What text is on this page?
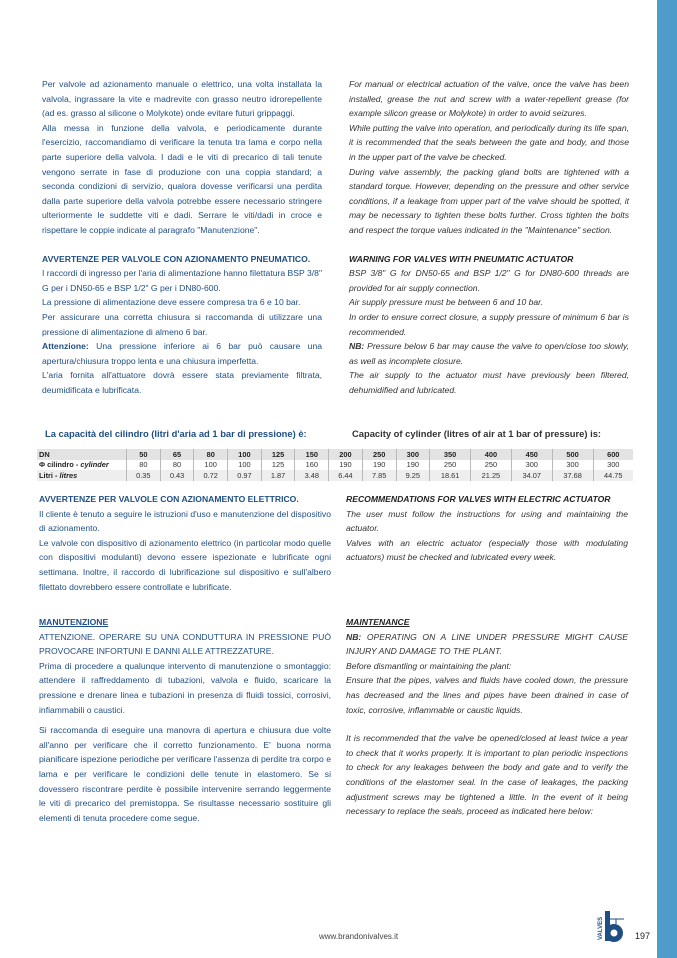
Per valvole ad azionamento manuale o elettrico, una volta installata la valvola, ingrassare la vite e madrevite con grasso neutro idrorepellente (ad es. grasso al silicone o Molykote) onde evitare futuri grippaggi.

Alla messa in funzione della valvola, e periodicamente durante l'esercizio, raccomandiamo di verificare la tenuta tra lama e corpo nella parte superiore della valvola. I dadi e le viti di precarico di tali tenute vengono serrate in fase di produzione con una coppia standard; a seconda condizioni di servizio, qualora dovesse verificarsi una perdita dalla parte superiore della valvola potrebbe essere necessario stringere ulteriormente le suddette viti e dadi. Serrare le viti/dadi in croce e rispettare le coppie indicate al paragrafo "Manutenzione".

AVVERTENZE PER VALVOLE CON AZIONAMENTO PNEUMATICO.

I raccordi di ingresso per l'aria di alimentazione hanno filettatura BSP 3/8" G per i DN50-65 e BSP 1/2" G per i DN80-600.

La pressione di alimentazione deve essere compresa tra 6 e 10 bar.

Per assicurare una corretta chiusura si raccomanda di utilizzare una pressione di alimentazione di almeno 6 bar.

Attenzione: Una pressione inferiore ai 6 bar può causare una apertura/chiusura troppo lenta e una chiusura imperfetta.

L'aria fornita all'attuatore dovrà essere stata previamente filtrata, deumidificata e lubrificata.

For manual or electrical actuation of the valve, once the valve has been installed, grease the nut and screw with a water-repellent grease (for example silicon grease or Molykote) in order to avoid seizures.

While putting the valve into operation, and periodically during its life span, it is recommended that the seals between the gate and body, and those in the upper part of the valve be checked.

During valve assembly, the packing gland bolts are tightened with a standard torque. However, depending on the pressure and other service conditions, if a leakage from upper part of the valve should be spotted, it may be necessary to tighten these bolts further. Cross tighten the bolts and respect the torque values indicated in the "Maintenance" section.

WARNING FOR VALVES WITH PNEUMATIC ACTUATOR

BSP 3/8" G for DN50-65 and BSP 1/2" G for DN80-600 threads are provided for air supply connection.

Air supply pressure must be between 6 and 10 bar.

In order to ensure correct closure, a supply pressure of minimum 6 bar is recommended.

NB: Pressure below 6 bar may cause the valve to open/close too slowly, as well as incomplete closure.

The air supply to the actuator must have previously been filtered, dehumidified and lubricated.

La capacità del cilindro (litri d'aria ad 1 bar di pressione) è:	Capacity of cylinder (litres of air at 1 bar of pressure) is:
DN	50	65	80	100	125	150	200	250	300	350	400	450	500	600
Φ cilindro - cylinder	80	80	100	100	125	160	190	190	190	250	250	300	300	300
Litri - litres	0.35	0.43	0.72	0.97	1.87	3.48	6.44	7.85	9.25	18.61	21.25	34.07	37.68	44.75

AVVERTENZE PER VALVOLE CON AZIONAMENTO ELETTRICO.

Il cliente è tenuto a seguire le istruzioni d'uso e manutenzione del dispositivo di azionamento.

Le valvole con dispositivo di azionamento elettrico (in particolar modo quelle con dispositivi modulanti) devono essere ispezionate e lubrificate ogni settimana. Inoltre, il raccordo di lubrificazione sul dispositivo e sull'albero filettato dovrebbero essere controllate e lubrificate.

MANUTENZIONE

ATTENZIONE. OPERARE SU UNA CONDUTTURA IN PRESSIONE PUÒ PROVOCARE INFORTUNI E DANNI ALLE ATTREZZATURE.

Prima di procedere a qualunque intervento di manutenzione o smontaggio: attendere il raffreddamento di tubazioni, valvola e fluido, scaricare la pressione e drenare linea e tubazioni in presenza di fluidi tossici, corrosivi, infiammabili o caustici.

Si raccomanda di eseguire una manovra di apertura e chiusura due volte all'anno per verificare che il corretto funzionamento. E' buona norma pianificare ispezione periodiche per verificare l'assenza di perdite tra corpo e lama e per verificare le condizioni delle tenute in elastomero. Se si dovessero riscontrare perdite è possibile intervenire serrando leggermente le viti di precarico del premistoppa. Se risultasse necessario sostituire gli elementi di tenuta procedere come segue.

RECOMMENDATIONS FOR VALVES WITH ELECTRIC ACTUATOR

The user must follow the instructions for using and maintaining the actuator.

Valves with an electric actuator (especially those with modulating actuators) must be checked and lubricated every week.

MAINTENANCE

NB: OPERATING ON A LINE UNDER PRESSURE MIGHT CAUSE INJURY AND DAMAGE TO THE PLANT.

Before dismantling or maintaining the plant:

Ensure that the pipes, valves and fluids have cooled down, the pressure has decreased and the lines and pipes have been drained in case of toxic, corrosive, inflammable or caustic liquids.

It is recommended that the valve be opened/closed at least twice a year to check that it works properly. It is important to plan periodic inspections to check for any leakages between the body and gate and to verify the conditions of the elastomer seal. In the case of leakages, the packing adjustment screws may be tightened a little. In the event of it being necessary to replace the seals, proceed as indicated here below:

www.brandonivalves.it	VALVES	197
